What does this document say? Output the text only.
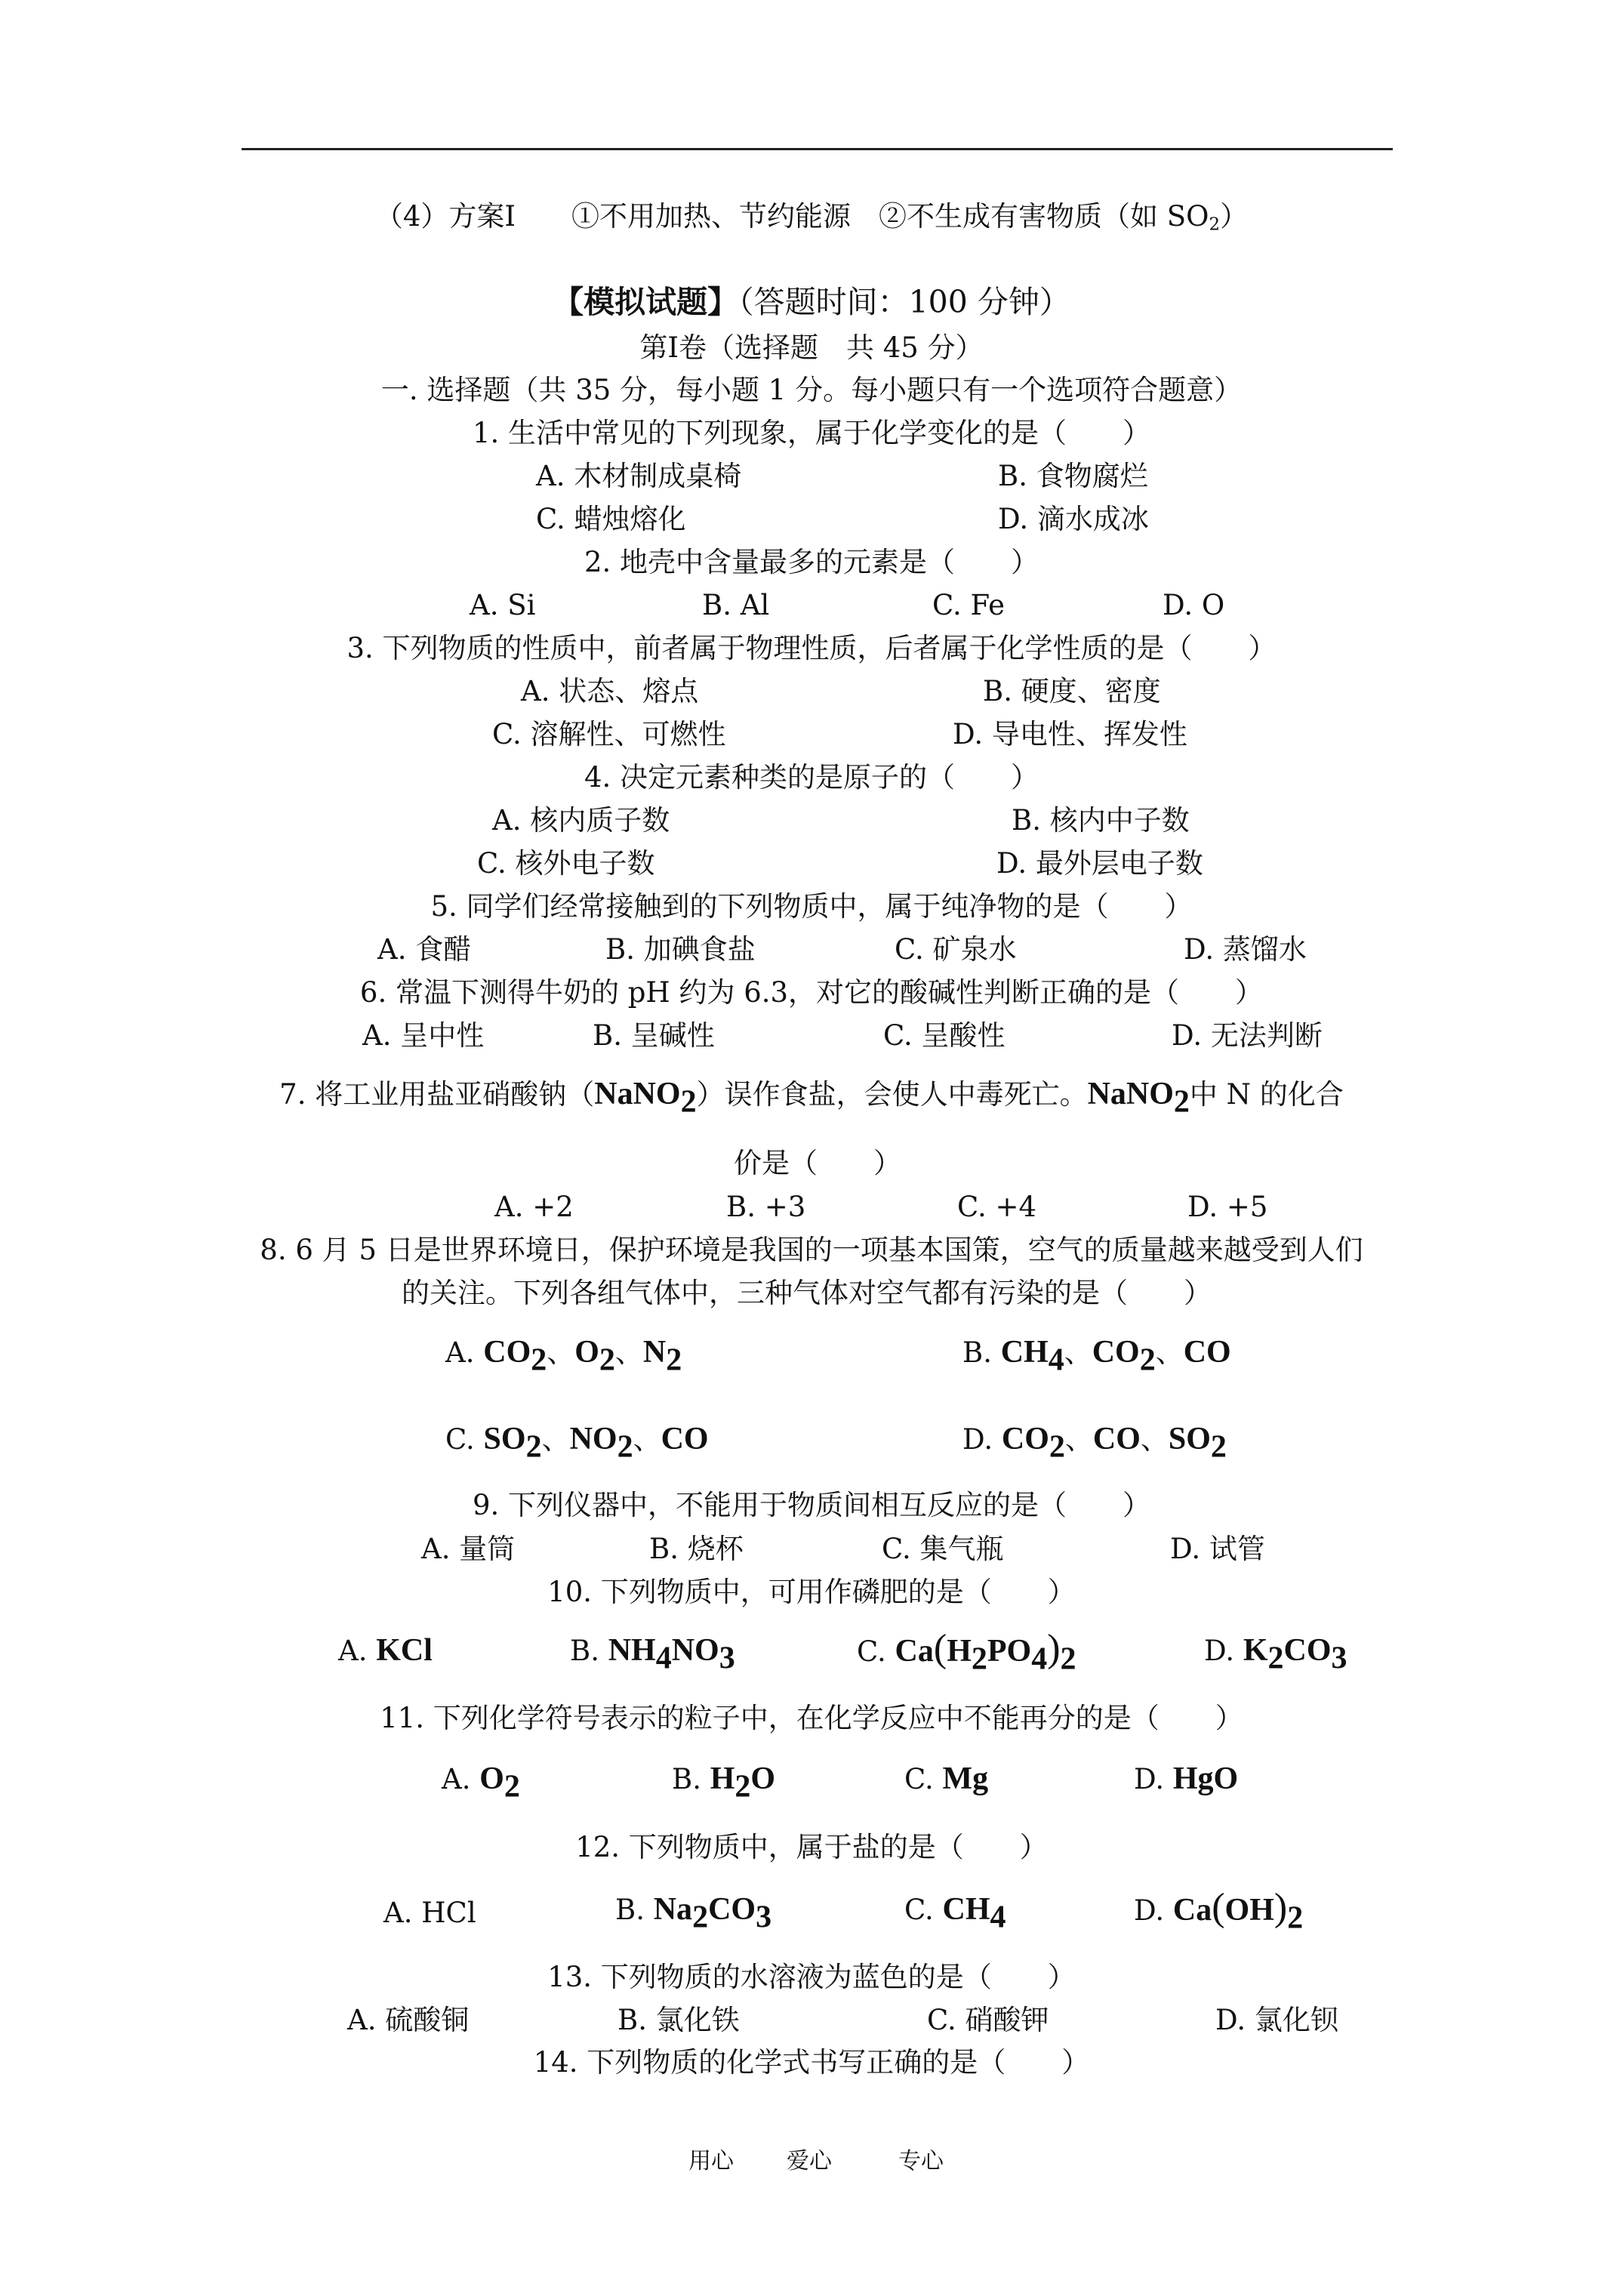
（4）方案Ⅰ　　①不用加热、节约能源　②不生成有害物质（如 $SO_2$）
【模拟试题】（答题时间：100 分钟）
第Ⅰ卷（选择题　共 45 分）
一. 选择题（共 35 分，每小题 1 分。每小题只有一个选项符合题意）
1. 生活中常见的下列现象，属于化学变化的是（　　）
A. 木材制成桌椅	B. 食物腐烂
C. 蜡烛熔化	D. 滴水成冰
2. 地壳中含量最多的元素是（　　）
A. Si	B. Al	C. Fe	D. O
3. 下列物质的性质中，前者属于物理性质，后者属于化学性质的是（　　）
A. 状态、熔点	B. 硬度、密度
C. 溶解性、可燃性	D. 导电性、挥发性
4. 决定元素种类的是原子的（　　）
A. 核内质子数	B. 核内中子数
C. 核外电子数	D. 最外层电子数
5. 同学们经常接触到的下列物质中，属于纯净物的是（　　）
A. 食醋	B. 加碘食盐	C. 矿泉水	D. 蒸馏水
6. 常温下测得牛奶的 pH 约为 6.3，对它的酸碱性判断正确的是（　　）
A. 呈中性	B. 呈碱性	C. 呈酸性	D. 无法判断
7. 将工业用盐亚硝酸钠（NaNO$_2$）误作食盐，会使人中毒死亡。NaNO$_2$中 N 的化合
价是（　　）
A. +2	B. +3	C. +4	D. +5
8. 6 月 5 日是世界环境日，保护环境是我国的一项基本国策，空气的质量越来越受到人们
的关注。下列各组气体中，三种气体对空气都有污染的是（　　）
A. $CO_2$、$O_2$、$N_2$	B. $CH_4$、$CO_2$、CO
C. $SO_2$、$NO_2$、CO	D. $CO_2$、CO、$SO_2$
9. 下列仪器中，不能用于物质间相互反应的是（　　）
A. 量筒	B. 烧杯	C. 集气瓶	D. 试管
10. 下列物质中，可用作磷肥的是（　　）
A. KCl	B. $NH_4NO_3$	C. $Ca(H_2PO_4)_2$	D. $K_2CO_3$
11. 下列化学符号表示的粒子中，在化学反应中不能再分的是（　　）
A. $O_2$	B. $H_2O$	C. Mg	D. HgO
12. 下列物质中，属于盐的是（　　）
A. HCl	B. $Na_2CO_3$	C. $CH_4$	D. $Ca(OH)_2$
13. 下列物质的水溶液为蓝色的是（　　）
A. 硫酸铜	B. 氯化铁	C. 硝酸钾	D. 氯化钡
14. 下列物质的化学式书写正确的是（　　）
用心 爱心	专心
